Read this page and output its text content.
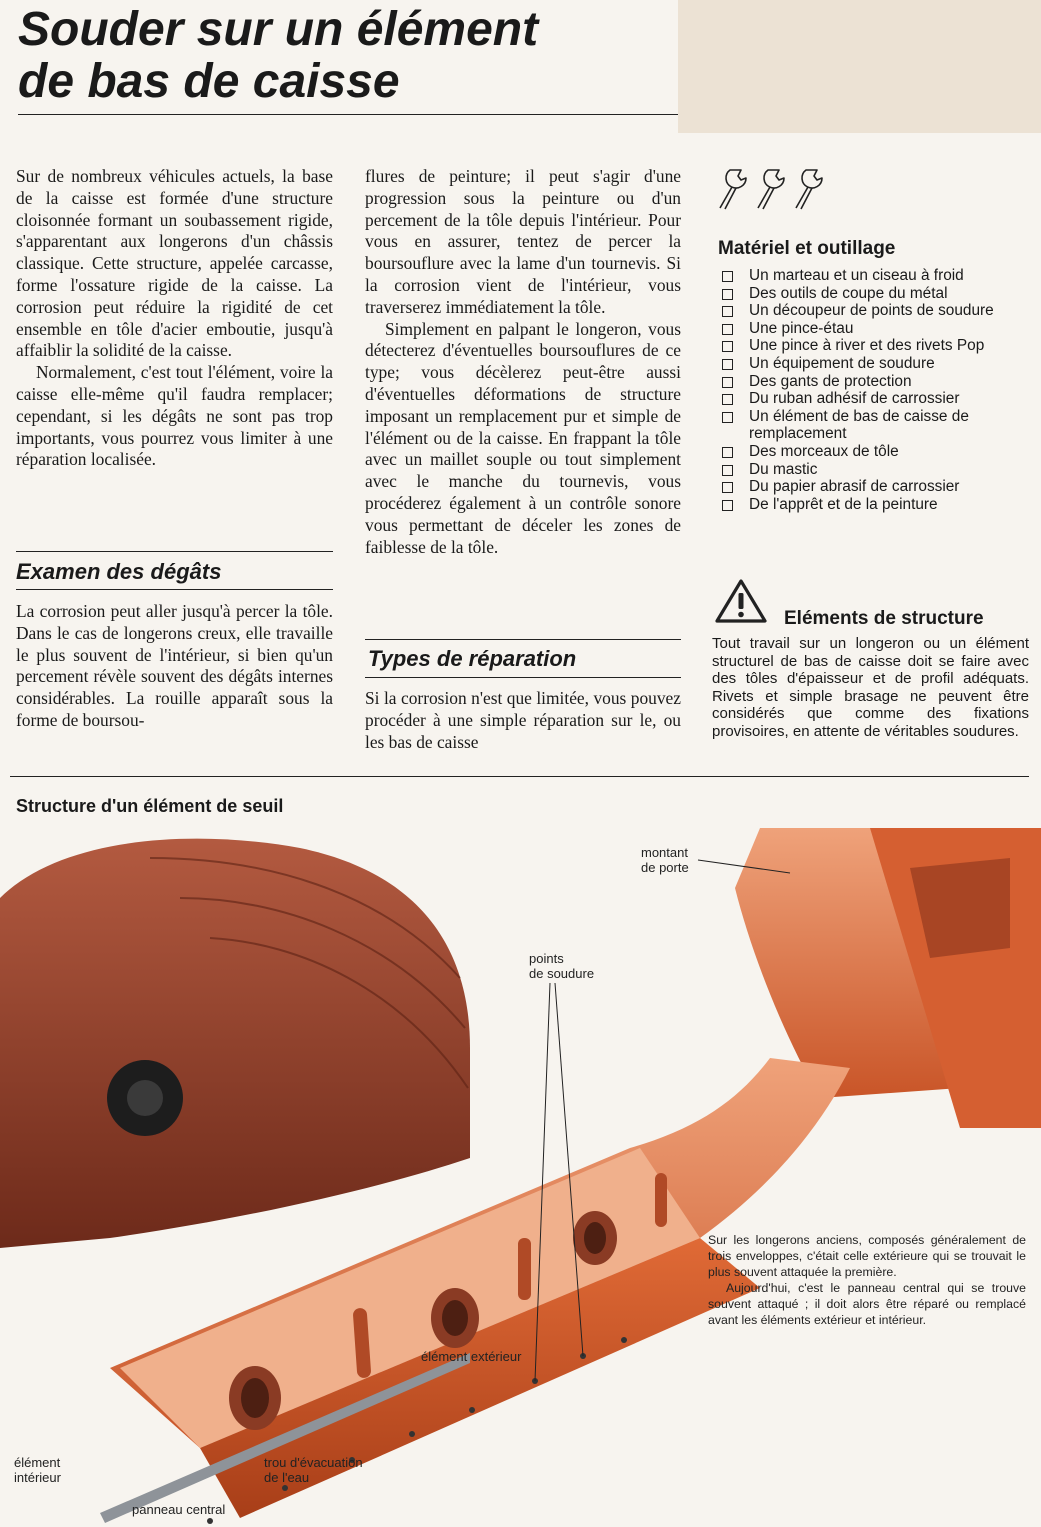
Souder sur un élément
de bas de caisse

Sur de nombreux véhicules actuels, la base de la caisse est formée d'une structure cloisonnée formant un soubassement rigide, s'apparentant aux longerons d'un châssis classique. Cette structure, appelée carcasse, forme l'ossature rigide de la caisse. La corrosion peut réduire la rigidité de cet ensemble en tôle d'acier emboutie, jusqu'à affaiblir la solidité de la caisse.

Normalement, c'est tout l'élément, voire la caisse elle-même qu'il faudra remplacer; cependant, si les dégâts ne sont pas trop importants, vous pourrez vous limiter à une réparation localisée.

Examen des dégâts

La corrosion peut aller jusqu'à percer la tôle. Dans le cas de longerons creux, elle travaille le plus souvent de l'intérieur, si bien qu'un percement révèle souvent des dégâts internes considérables. La rouille apparaît sous la forme de boursou-

flures de peinture; il peut s'agir d'une progression sous la peinture ou d'un percement de la tôle depuis l'intérieur. Pour vous en assurer, tentez de percer la boursouflure avec la lame d'un tournevis. Si la corrosion vient de l'intérieur, vous traverserez immédiatement la tôle.

Simplement en palpant le longeron, vous détecterez d'éventuelles boursouflures de ce type; vous décèlerez peut-être aussi d'éventuelles déformations de structure imposant un remplacement pur et simple de l'élément ou de la caisse. En frappant la tôle avec un maillet souple ou tout simplement avec le manche du tournevis, vous procéderez également à un contrôle sonore vous permettant de déceler les zones de faiblesse de la tôle.

Types de réparation

Si la corrosion n'est que limitée, vous pouvez procéder à une simple réparation sur le, ou les bas de caisse

Matériel et outillage
Un marteau et un ciseau à froid
Des outils de coupe du métal
Un découpeur de points de soudure
Une pince-étau
Une pince à river et des rivets Pop
Un équipement de soudure
Des gants de protection
Du ruban adhésif de carrossier
Un élément de bas de caisse de remplacement
Des morceaux de tôle
Du mastic
Du papier abrasif de carrossier
De l'apprêt et de la peinture
Eléments de structure

Tout travail sur un longeron ou un élément structurel de bas de caisse doit se faire avec des tôles d'épaisseur et de profil adéquats. Rivets et simple brasage ne peuvent être considérés que comme des fixations provisoires, en attente de véritables soudures.

Structure d'un élément de seuil
montant
de porte
points
de soudure
élément extérieur
élément
intérieur
trou d'évacuation
de l'eau
panneau central

Sur les longerons anciens, composés généralement de trois enveloppes, c'était celle extérieure qui se trouvait le plus souvent attaquée la première.

Aujourd'hui, c'est le panneau central qui se trouve souvent attaqué ; il doit alors être réparé ou remplacé avant les éléments extérieur et intérieur.
